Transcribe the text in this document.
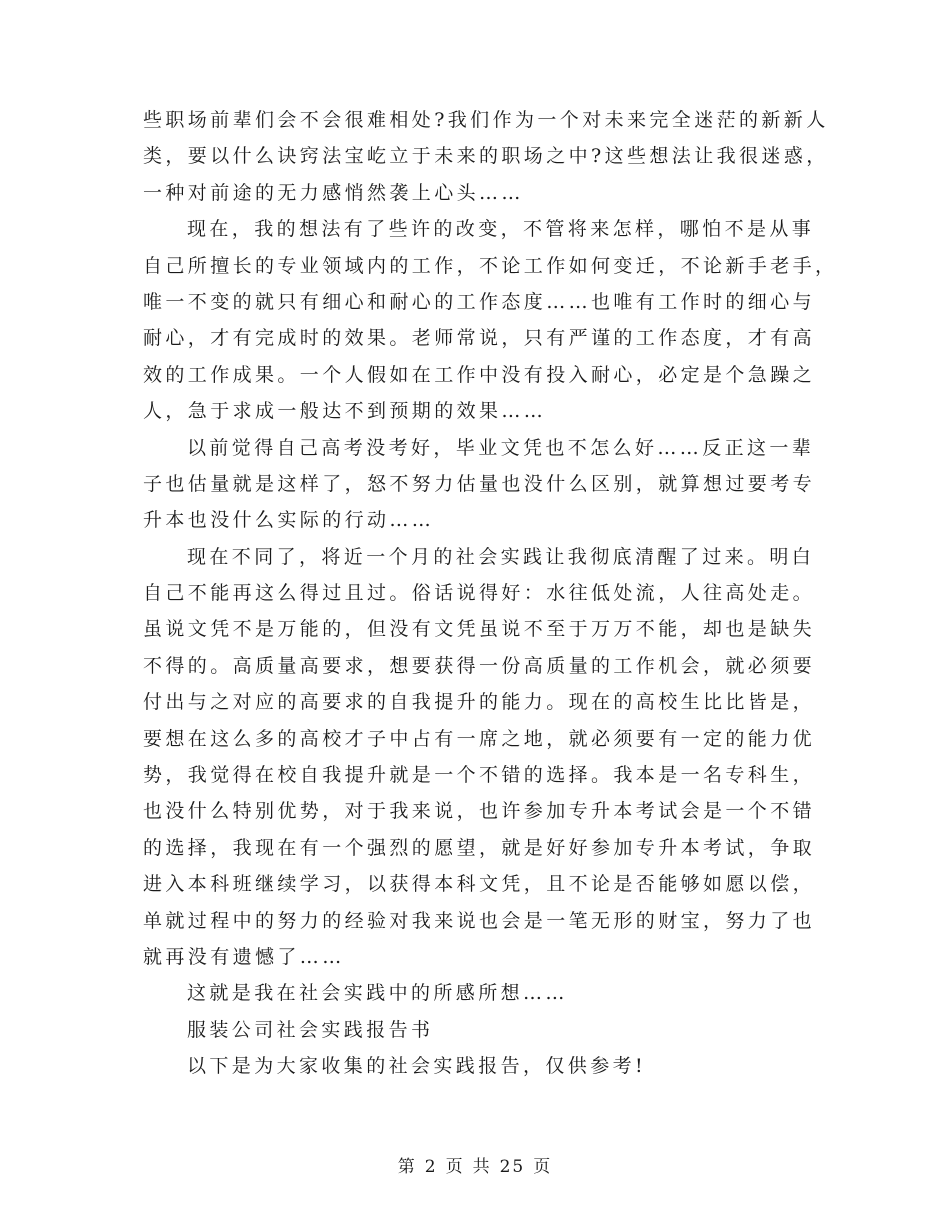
些职场前辈们会不会很难相处?我们作为一个对未来完全迷茫的新新人
类，要以什么诀窍法宝屹立于未来的职场之中?这些想法让我很迷惑，
一种对前途的无力感悄然袭上心头……
现在，我的想法有了些许的改变，不管将来怎样，哪怕不是从事
自己所擅长的专业领域内的工作，不论工作如何变迁，不论新手老手，
唯一不变的就只有细心和耐心的工作态度……也唯有工作时的细心与
耐心，才有完成时的效果。老师常说，只有严谨的工作态度，才有高
效的工作成果。一个人假如在工作中没有投入耐心，必定是个急躁之
人，急于求成一般达不到预期的效果……
以前觉得自己高考没考好，毕业文凭也不怎么好……反正这一辈
子也估量就是这样了，怒不努力估量也没什么区别，就算想过要考专
升本也没什么实际的行动……
现在不同了，将近一个月的社会实践让我彻底清醒了过来。明白
自己不能再这么得过且过。俗话说得好：水往低处流，人往高处走。
虽说文凭不是万能的，但没有文凭虽说不至于万万不能，却也是缺失
不得的。高质量高要求，想要获得一份高质量的工作机会，就必须要
付出与之对应的高要求的自我提升的能力。现在的高校生比比皆是，
要想在这么多的高校才子中占有一席之地，就必须要有一定的能力优
势，我觉得在校自我提升就是一个不错的选择。我本是一名专科生，
也没什么特别优势，对于我来说，也许参加专升本考试会是一个不错
的选择，我现在有一个强烈的愿望，就是好好参加专升本考试，争取
进入本科班继续学习，以获得本科文凭，且不论是否能够如愿以偿，
单就过程中的努力的经验对我来说也会是一笔无形的财宝，努力了也
就再没有遗憾了……
这就是我在社会实践中的所感所想……
服装公司社会实践报告书
以下是为大家收集的社会实践报告，仅供参考!
第 2 页 共 25 页
